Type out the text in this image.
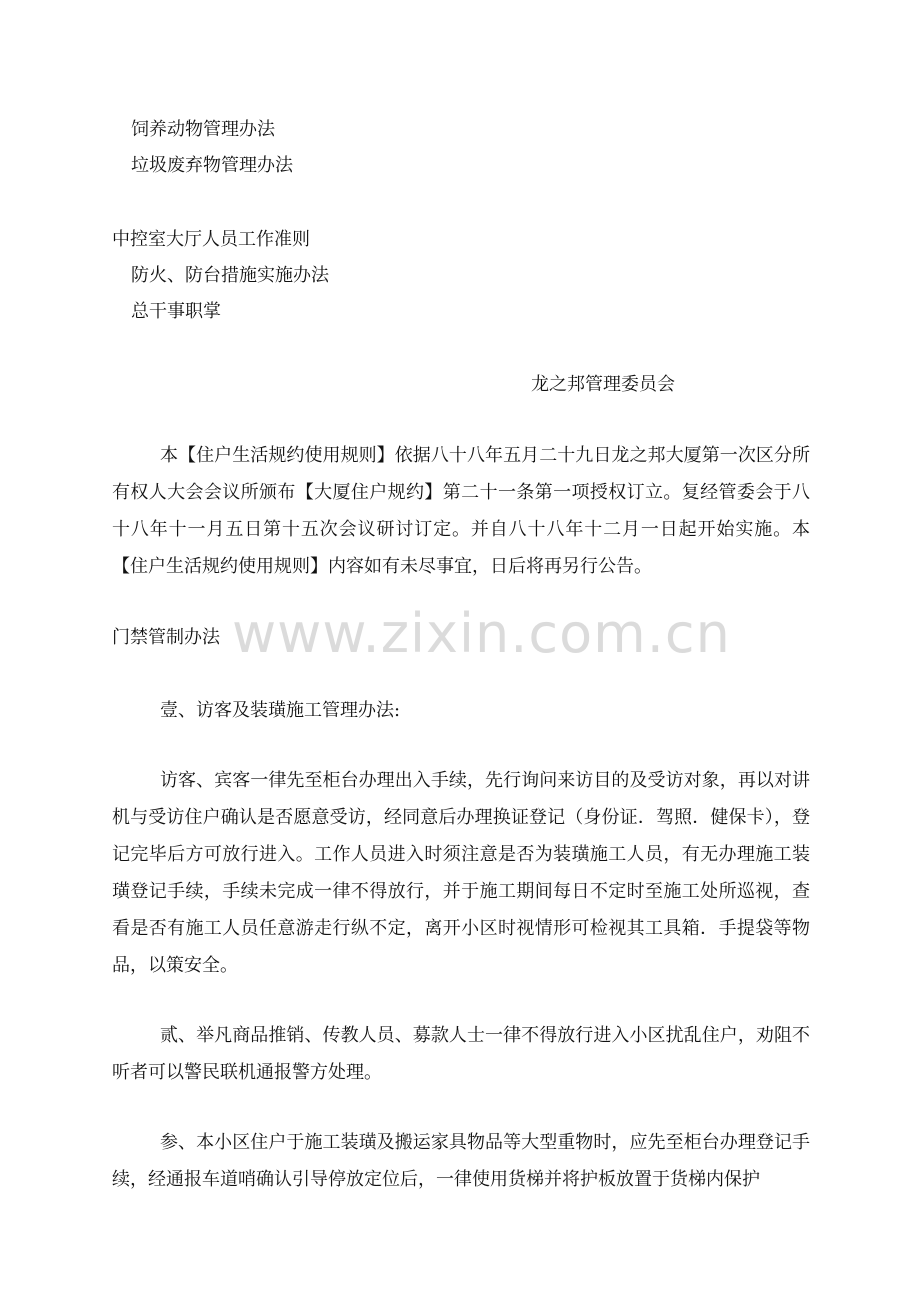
饲养动物管理办法
垃圾废弃物管理办法
中控室大厅人员工作准则
防火、防台措施实施办法
总干事职掌
龙之邦管理委员会
本【住户生活规约使用规则】依据八十八年五月二十九日龙之邦大厦第一次区分所有权人大会会议所颁布【大厦住户规约】第二十一条第一项授权订立。复经管委会于八十八年十一月五日第十五次会议研讨订定。并自八十八年十二月一日起开始实施。本【住户生活规约使用规则】内容如有未尽事宜，日后将再另行公告。
门禁管制办法 www.zixin.com.cn
壹、访客及装璜施工管理办法:
访客、宾客一律先至柜台办理出入手续，先行询问来访目的及受访对象，再以对讲机与受访住户确认是否愿意受访，经同意后办理换证登记（身份证．驾照．健保卡），登记完毕后方可放行进入。工作人员进入时须注意是否为装璜施工人员，有无办理施工装璜登记手续，手续未完成一律不得放行，并于施工期间每日不定时至施工处所巡视，查看是否有施工人员任意游走行纵不定，离开小区时视情形可检视其工具箱．手提袋等物品，以策安全。
贰、举凡商品推销、传教人员、募款人士一律不得放行进入小区扰乱住户，劝阻不听者可以警民联机通报警方处理。
参、本小区住户于施工装璜及搬运家具物品等大型重物时，应先至柜台办理登记手续，经通报车道哨确认引导停放定位后，一律使用货梯并将护板放置于货梯内保护
